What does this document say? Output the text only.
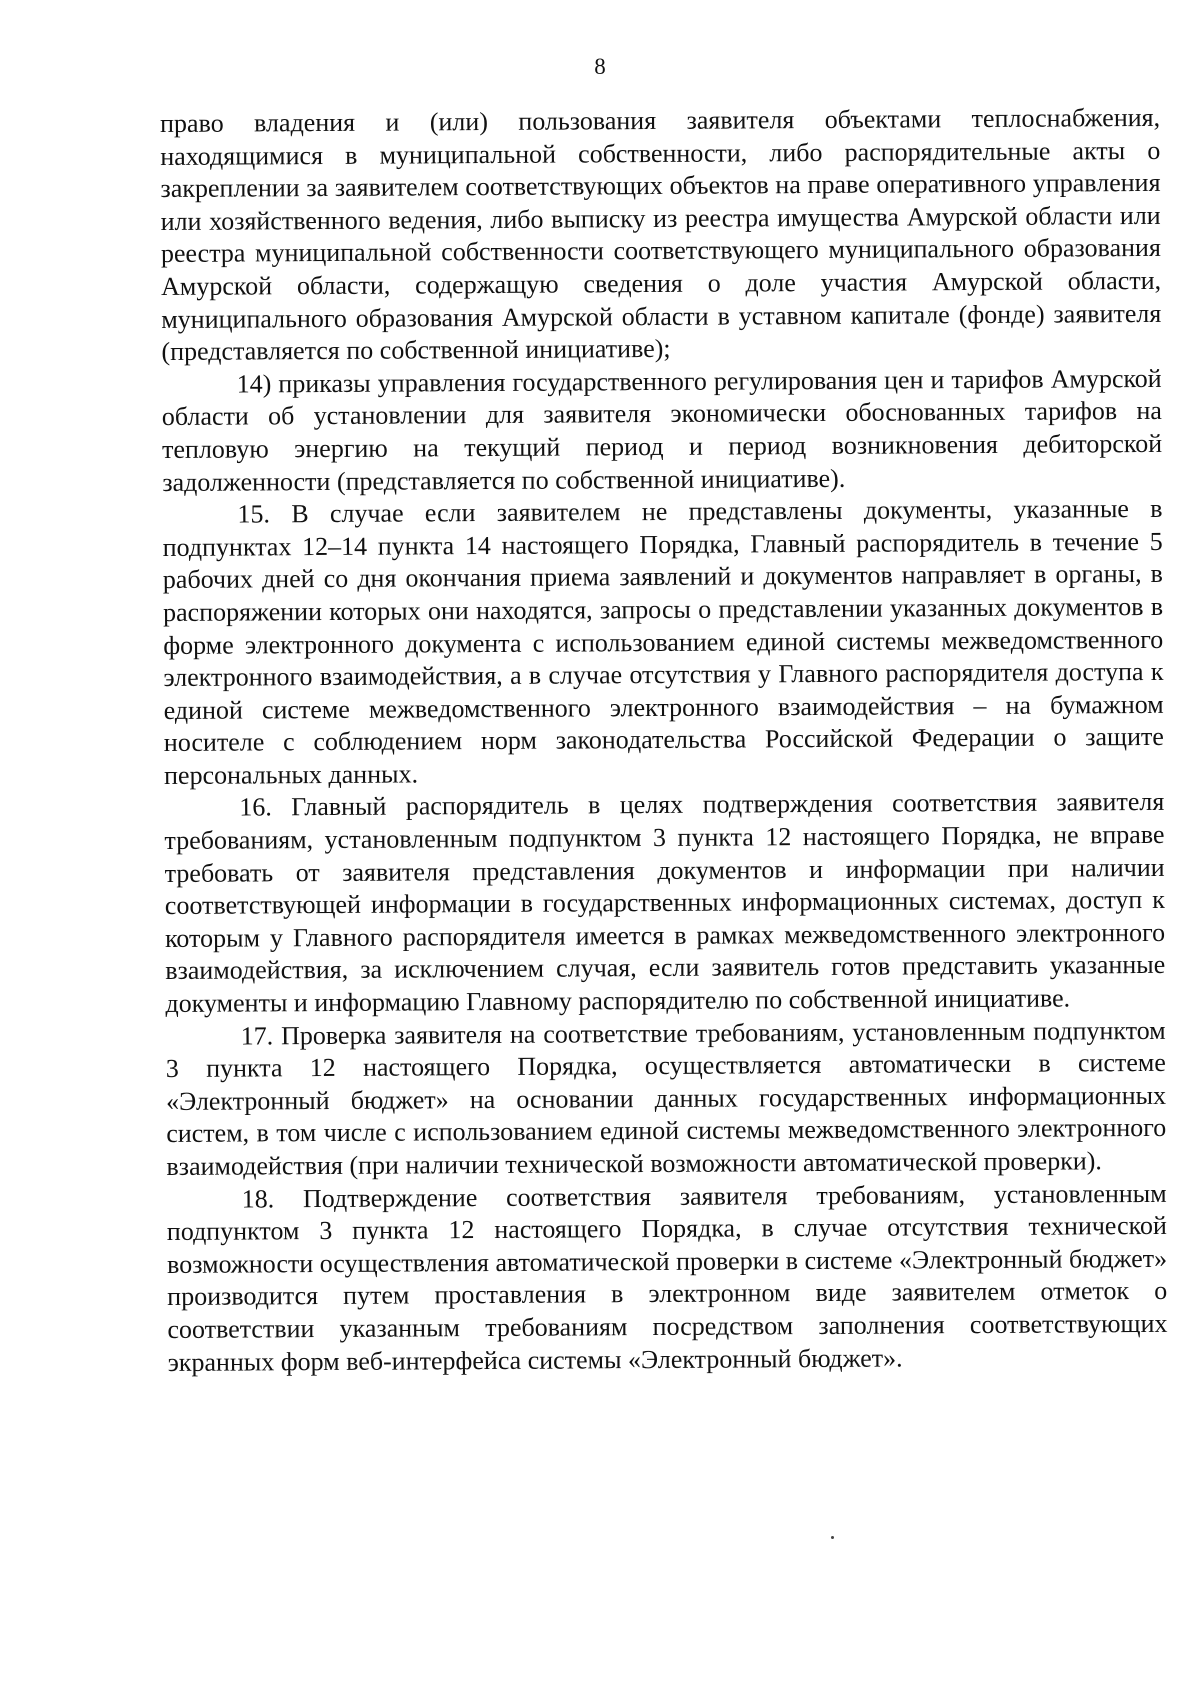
8

право владения и (или) пользования заявителя объектами теплоснабжения, находящимися в муниципальной собственности, либо распорядительные акты о закреплении за заявителем соответствующих объектов на праве оперативного управления или хозяйственного ведения, либо выписку из реестра имущества Амурской области или реестра муниципальной собственности соответствующего муниципального образования Амурской области, содержащую сведения о доле участия Амурской области, муниципального образования Амурской области в уставном капитале (фонде) заявителя (представляется по собственной инициативе);

14) приказы управления государственного регулирования цен и тарифов Амурской области об установлении для заявителя экономически обоснованных тарифов на тепловую энергию на текущий период и период возникновения дебиторской задолженности (представляется по собственной инициативе).

15. В случае если заявителем не представлены документы, указанные в подпунктах 12–14 пункта 14 настоящего Порядка, Главный распорядитель в течение 5 рабочих дней со дня окончания приема заявлений и документов направляет в органы, в распоряжении которых они находятся, запросы о представлении указанных документов в форме электронного документа с использованием единой системы межведомственного электронного взаимодействия, а в случае отсутствия у Главного распорядителя доступа к единой системе межведомственного электронного взаимодействия – на бумажном носителе с соблюдением норм законодательства Российской Федерации о защите персональных данных.

16. Главный распорядитель в целях подтверждения соответствия заявителя требованиям, установленным подпунктом 3 пункта 12 настоящего Порядка, не вправе требовать от заявителя представления документов и информации при наличии соответствующей информации в государственных информационных системах, доступ к которым у Главного распорядителя имеется в рамках межведомственного электронного взаимодействия, за исключением случая, если заявитель готов представить указанные документы и информацию Главному распорядителю по собственной инициативе.

17. Проверка заявителя на соответствие требованиям, установленным подпунктом 3 пункта 12 настоящего Порядка, осуществляется автоматически в системе «Электронный бюджет» на основании данных государственных информационных систем, в том числе с использованием единой системы межведомственного электронного взаимодействия (при наличии технической возможности автоматической проверки).

18. Подтверждение соответствия заявителя требованиям, установленным подпунктом 3 пункта 12 настоящего Порядка, в случае отсутствия технической возможности осуществления автоматической проверки в системе «Электронный бюджет» производится путем проставления в электронном виде заявителем отметок о соответствии указанным требованиям посредством заполнения соответствующих экранных форм веб-интерфейса системы «Электронный бюджет».
